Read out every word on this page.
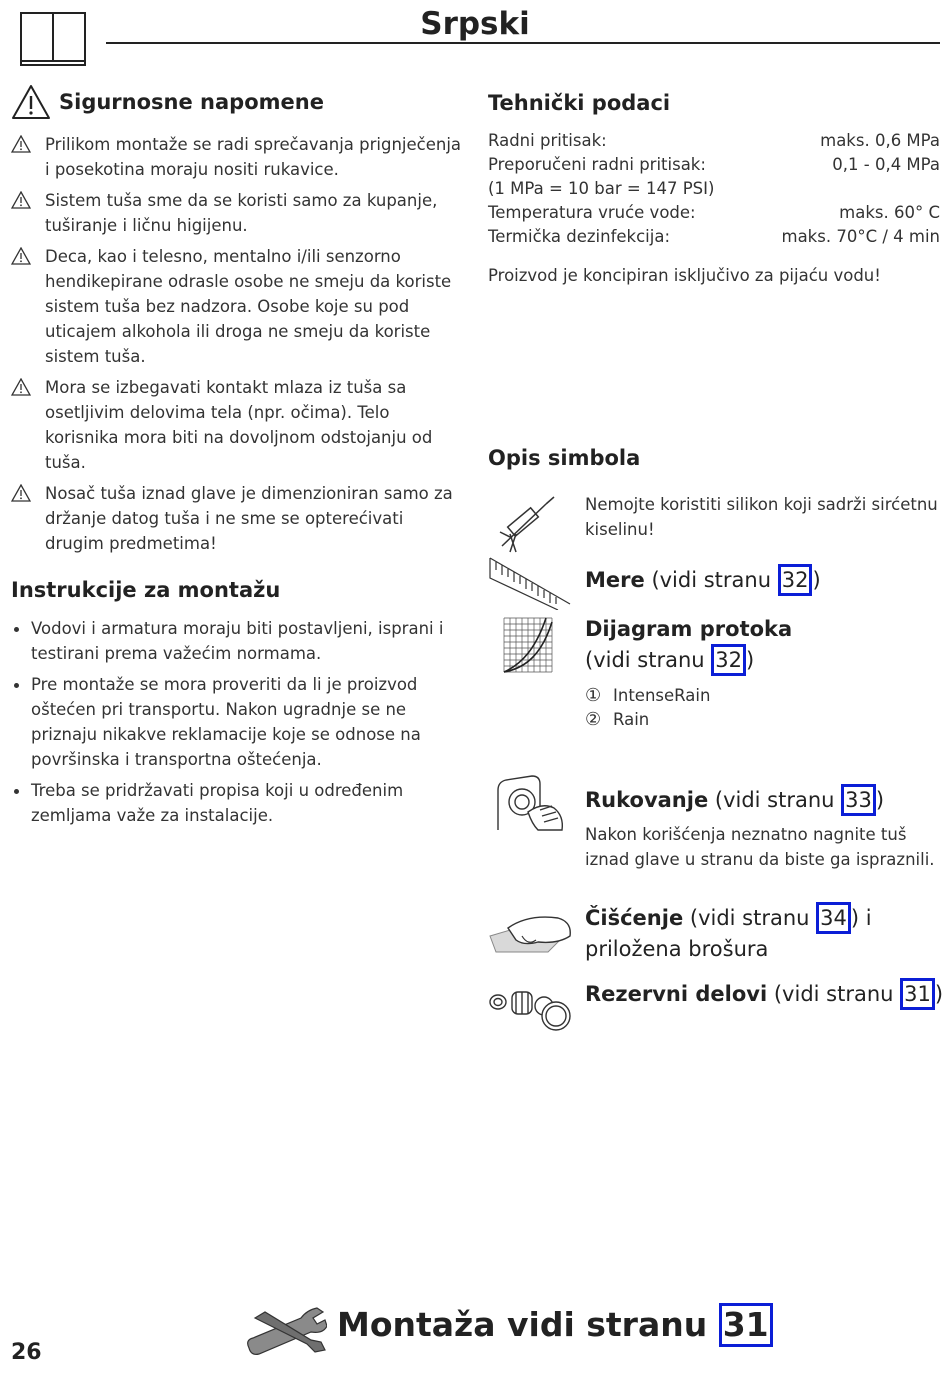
Srpski
Sigurnosne napomene
Prilikom montaže se radi sprečavanja prignječenja i posekotina moraju nositi rukavice.
Sistem tuša sme da se koristi samo za kupanje, tuširanje i ličnu higijenu.
Deca, kao i telesno, mentalno i/ili senzorno hendikepirane odrasle osobe ne smeju da koriste sistem tuša bez nadzora. Osobe koje su pod uticajem alkohola ili droga ne smeju da koriste sistem tuša.
Mora se izbegavati kontakt mlaza iz tuša sa osetljivim delovima tela (npr. očima). Telo korisnika mora biti na dovoljnom odstojanju od tuša.
Nosač tuša iznad glave je dimenzioniran samo za držanje datog tuša i ne sme se opterećivati drugim predmetima!
Instrukcije za montažu
Vodovi i armatura moraju biti postavljeni, isprani i testirani prema važećim normama.
Pre montaže se mora proveriti da li je proizvod oštećen pri transportu. Nakon ugradnje se ne priznaju nikakve reklamacije koje se odnose na površinska i transportna oštećenja.
Treba se pridržavati propisa koji u određenim zemljama važe za instalacije.
Tehnički podaci
Radni pritisak:	maks. 0,6 MPa
Preporučeni radni pritisak:	0,1 - 0,4 MPa
(1 MPa = 10 bar = 147 PSI)
Temperatura vruće vode:	maks. 60° C
Termička dezinfekcija:	maks. 70°C / 4 min
Proizvod je koncipiran isključivo za pijaću vodu!
Opis simbola
Nemojte koristiti silikon koji sadrži sirćetnu kiselinu!
Mere (vidi stranu 32 )
Dijagram protoka
(vidi stranu 32 )
① IntenseRain
② Rain
Rukovanje (vidi stranu 33 )
Nakon korišćenja neznatno nagnite tuš iznad glave u stranu da biste ga ispraznili.
Čišćenje (vidi stranu 34 ) i priložena brošura
Rezervni delovi (vidi stranu 31 )
Montaža vidi stranu 31
26
